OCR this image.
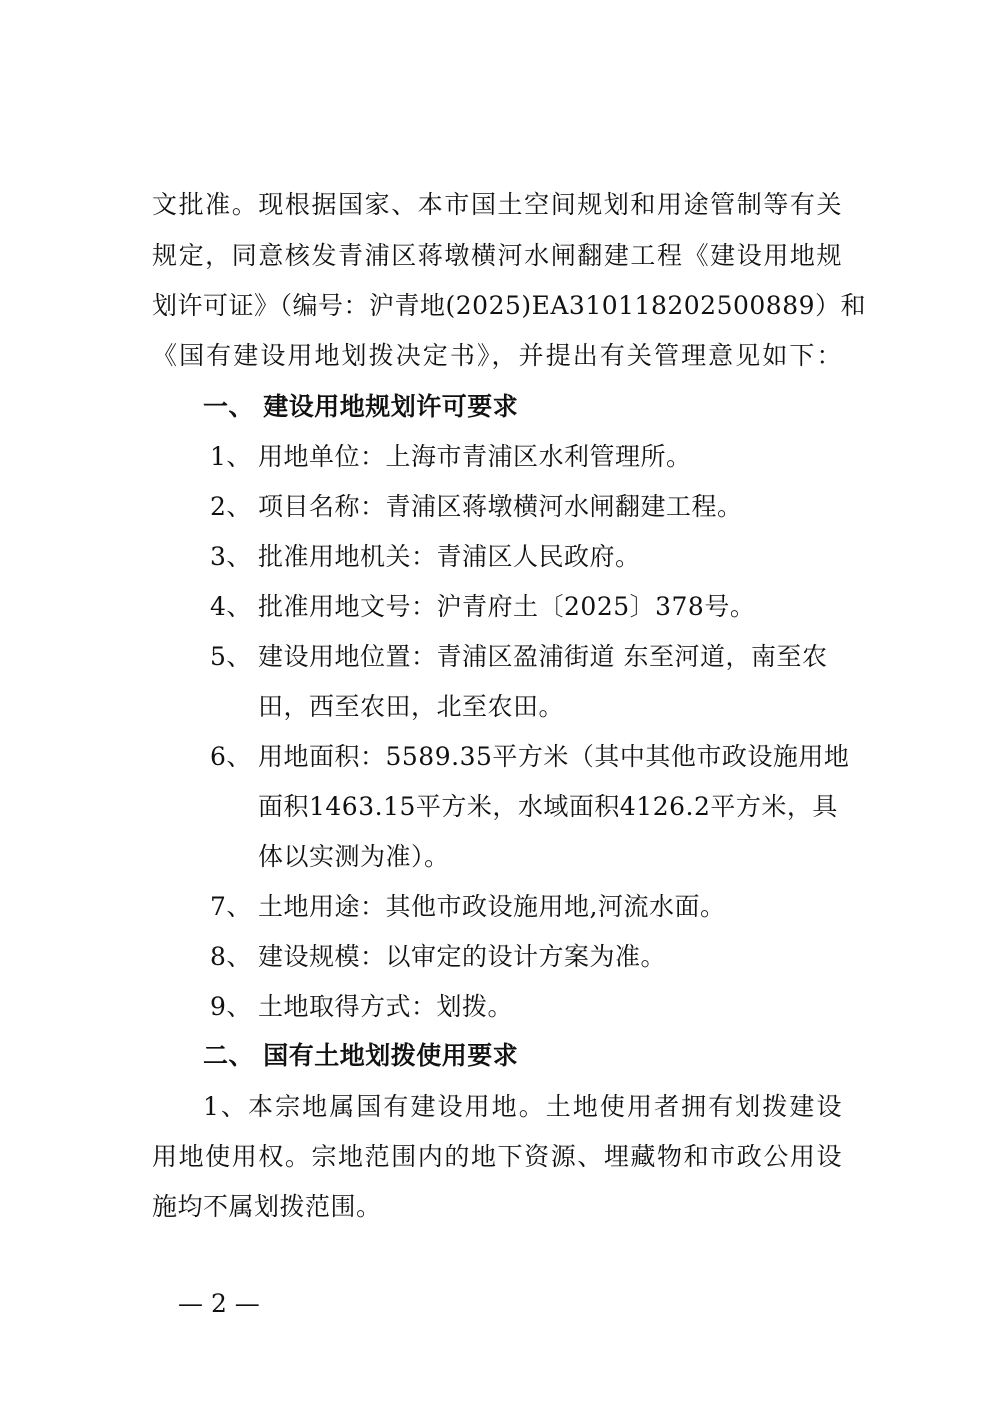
文批准。现根据国家、本市国土空间规划和用途管制等有关
规定，同意核发青浦区蒋墩横河水闸翻建工程《建设用地规
划许可证》（编号：沪青地(2025)EA310118202500889）和
《国有建设用地划拨决定书》，并提出有关管理意见如下：
一、 建设用地规划许可要求
1、 用地单位：上海市青浦区水利管理所。
2、 项目名称：青浦区蒋墩横河水闸翻建工程。
3、 批准用地机关：青浦区人民政府。
4、 批准用地文号：沪青府土〔2025〕378号。
5、 建设用地位置：青浦区盈浦街道 东至河道，南至农
田，西至农田，北至农田。
6、 用地面积：5589.35平方米（其中其他市政设施用地
面积1463.15平方米，水域面积4126.2平方米，具
体以实测为准）。
7、 土地用途：其他市政设施用地,河流水面。
8、 建设规模：以审定的设计方案为准。
9、 土地取得方式：划拨。
二、 国有土地划拨使用要求
1、本宗地属国有建设用地。土地使用者拥有划拨建设
用地使用权。宗地范围内的地下资源、埋藏物和市政公用设
施均不属划拨范围。
— 2 —
